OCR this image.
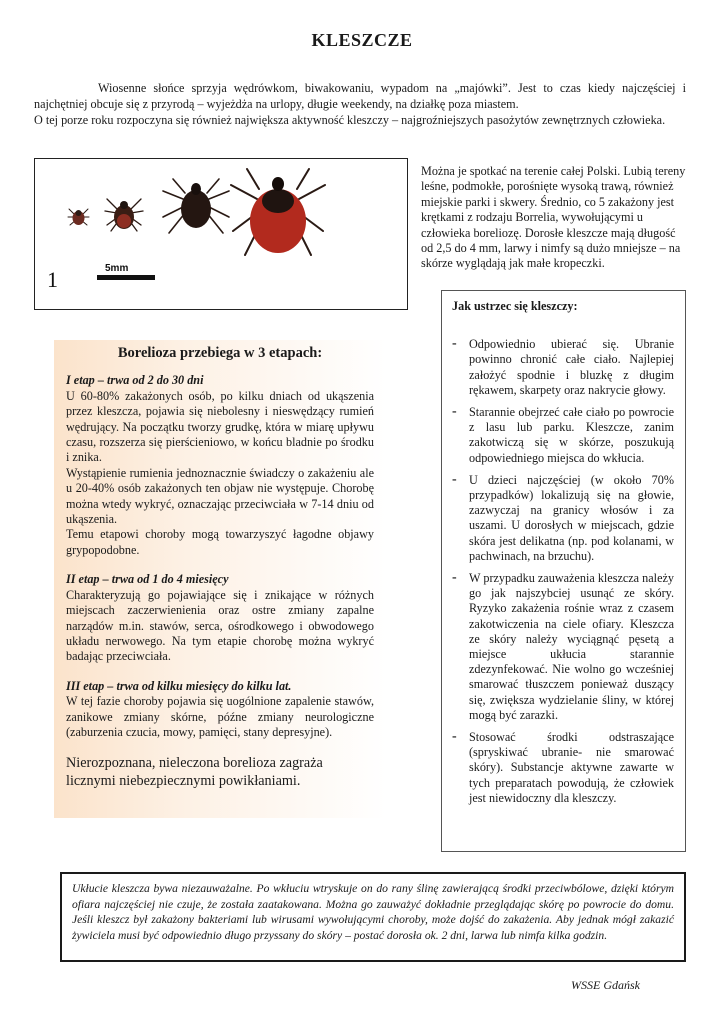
KLESZCZE

Wiosenne słońce sprzyja wędrówkom, biwakowaniu, wypadom na „majówki”. Jest to czas kiedy najczęściej i najchętniej obcuje się z przyrodą – wyjeżdża na urlopy, długie weekendy, na działkę poza miastem.

O tej porze roku rozpoczyna się również największa aktywność kleszczy – najgroźniejszych pasożytów zewnętrznych człowieka.

5mm
1
Można je spotkać na terenie całej Polski. Lubią tereny leśne, podmokłe, porośnięte wysoką trawą, również miejskie parki i skwery. Średnio, co 5 zakażony jest krętkami z rodzaju Borrelia, wywołującymi u człowieka boreliozę. Dorosłe kleszcze mają długość od 2,5 do 4 mm, larwy i nimfy są dużo mniejsze – na skórze wyglądają jak małe kropeczki.
Jak ustrzec się kleszczy:
- Odpowiednio ubierać się. Ubranie powinno chronić całe ciało. Najlepiej założyć spodnie i bluzkę z długim rękawem, skarpety oraz nakrycie głowy.
- Starannie obejrzeć całe ciało po powrocie z lasu lub parku. Kleszcze, zanim zakotwiczą się w skórze, poszukują odpowiedniego miejsca do wkłucia.
- U dzieci najczęściej (w około 70% przypadków) lokalizują się na głowie, zazwyczaj na granicy włosów i za uszami. U dorosłych w miejscach, gdzie skóra jest delikatna (np. pod kolanami, w pachwinach, na brzuchu).
- W przypadku zauważenia kleszcza należy go jak najszybciej usunąć ze skóry. Ryzyko zakażenia rośnie wraz z czasem zakotwiczenia na ciele ofiary. Kleszcza ze skóry należy wyciągnąć pęsetą a miejsce ukłucia starannie zdezynfekować. Nie wolno go wcześniej smarować tłuszczem ponieważ duszący się, zwiększa wydzielanie śliny, w której mogą być zarazki.
- Stosować środki odstraszające (spryskiwać ubranie- nie smarować skóry). Substancje aktywne zawarte w tych preparatach powodują, że człowiek jest niewidoczny dla kleszczy.
Borelioza przebiega w 3 etapach:
I etap – trwa od 2 do 30 dni
U 60-80% zakażonych osób, po kilku dniach od ukąszenia przez kleszcza, pojawia się niebolesny i nieswędzący rumień wędrujący. Na początku tworzy grudkę, która w miarę upływu czasu, rozszerza się pierścieniowo, w końcu bladnie po środku i znika.
Wystąpienie rumienia jednoznacznie świadczy o zakażeniu ale u 20-40% osób zakażonych ten objaw nie występuje. Chorobę można wtedy wykryć, oznaczając przeciwciała w 7-14 dniu od ukąszenia.
Temu etapowi choroby mogą towarzyszyć łagodne objawy grypopodobne.
II etap – trwa od 1 do 4 miesięcy
Charakteryzują go pojawiające się i znikające w różnych miejscach zaczerwienienia oraz ostre zmiany zapalne narządów m.in. stawów, serca, ośrodkowego i obwodowego układu nerwowego. Na tym etapie chorobę można wykryć badając przeciwciała.
III etap – trwa od kilku miesięcy do kilku lat.
W tej fazie choroby pojawia się uogólnione zapalenie stawów, zanikowe zmiany skórne, późne zmiany neurologiczne (zaburzenia czucia, mowy, pamięci, stany depresyjne).
Nierozpoznana, nieleczona borelioza zagraża licznymi niebezpiecznymi powikłaniami.
Ukłucie kleszcza bywa niezauważalne. Po wkłuciu wtryskuje on do rany ślinę zawierającą środki przeciwbólowe, dzięki którym ofiara najczęściej nie czuje, że została zaatakowana. Można go zauważyć dokładnie przeglądając skórę po powrocie do domu. Jeśli kleszcz był zakażony bakteriami lub wirusami wywołującymi choroby, może dojść do zakażenia. Aby jednak mógł zakazić żywiciela musi być odpowiednio długo przyssany do skóry – postać dorosła ok. 2 dni, larwa lub nimfa kilka godzin.
WSSE Gdańsk
